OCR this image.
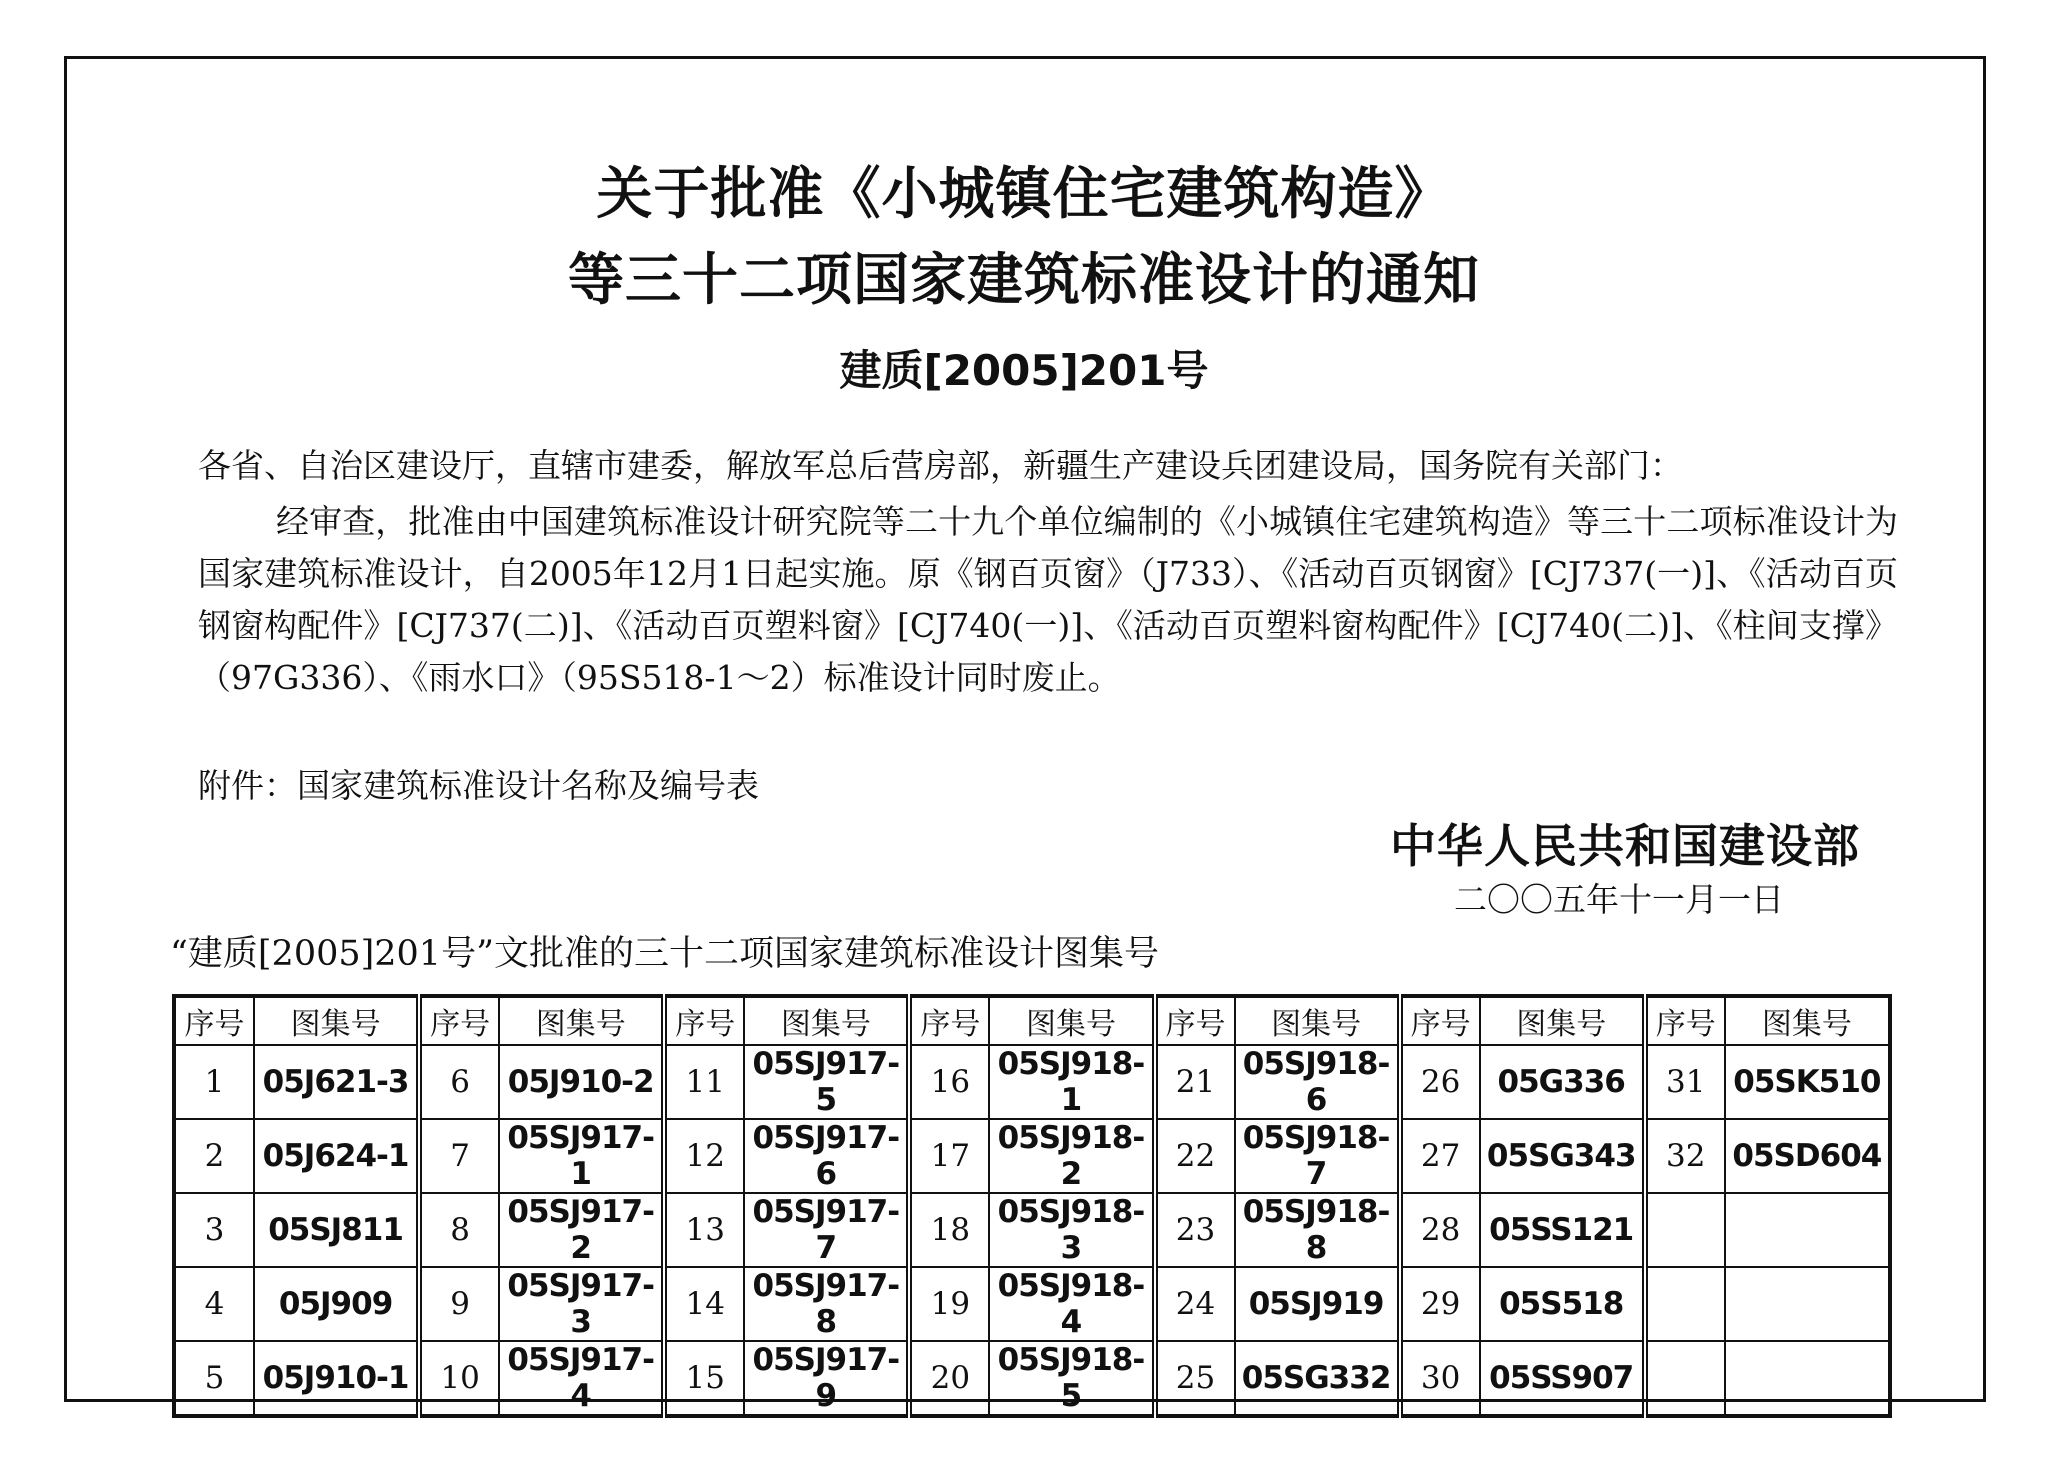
关于批准《小城镇住宅建筑构造》
等三十二项国家建筑标准设计的通知
建质[2005]201号
各省、自治区建设厅，直辖市建委，解放军总后营房部，新疆生产建设兵团建设局，国务院有关部门：
经审查，批准由中国建筑标准设计研究院等二十九个单位编制的《小城镇住宅建筑构造》等三十二项标准设计为国家建筑标准设计，自2005年12月1日起实施。原《钢百页窗》（J733）、《活动百页钢窗》[CJ737(一)]、《活动百页钢窗构配件》[CJ737(二)]、《活动百页塑料窗》[CJ740(一)]、《活动百页塑料窗构配件》[CJ740(二)]、《柱间支撑》（97G336）、《雨水口》（95S518-1～2）标准设计同时废止。
附件：国家建筑标准设计名称及编号表
中华人民共和国建设部
二〇〇五年十一月一日
“建质[2005]201号”文批准的三十二项国家建筑标准设计图集号
序号	图集号	序号	图集号	序号	图集号	序号	图集号	序号	图集号	序号	图集号	序号	图集号
1	05J621-3	6	05J910-2	11	05SJ917-5	16	05SJ918-1	21	05SJ918-6	26	05G336	31	05SK510
2	05J624-1	7	05SJ917-1	12	05SJ917-6	17	05SJ918-2	22	05SJ918-7	27	05SG343	32	05SD604
3	05SJ811	8	05SJ917-2	13	05SJ917-7	18	05SJ918-3	23	05SJ918-8	28	05SS121		
4	05J909	9	05SJ917-3	14	05SJ917-8	19	05SJ918-4	24	05SJ919	29	05S518		
5	05J910-1	10	05SJ917-4	15	05SJ917-9	20	05SJ918-5	25	05SG332	30	05SS907		
